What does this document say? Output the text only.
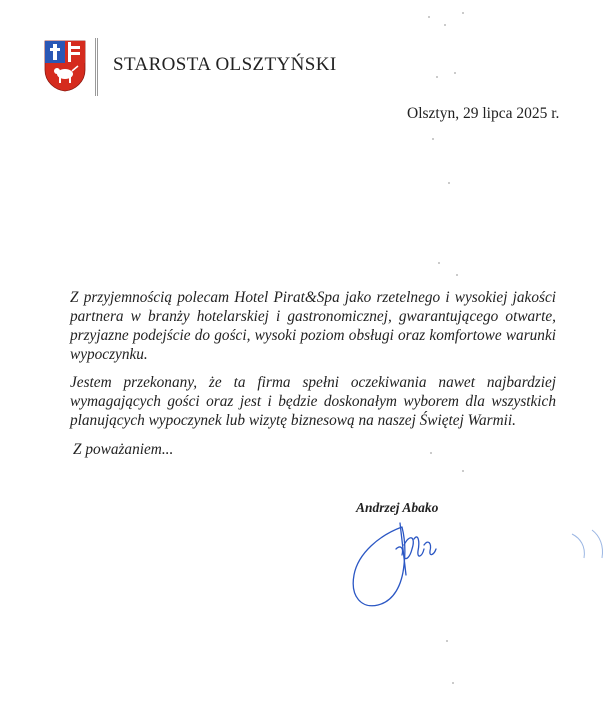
STAROSTA OLSZTYŃSKI
Olsztyn, 29 lipca 2025 r.
Z przyjemnością polecam Hotel Pirat&Spa jako rzetelnego i wysokiej jakości partnera w branży hotelarskiej i gastronomicznej, gwarantującego otwarte, przyjazne podejście do gości, wysoki poziom obsługi oraz komfortowe warunki wypoczynku.
Jestem przekonany, że ta firma spełni oczekiwania nawet najbardziej wymagających gości oraz jest i będzie doskonałym wyborem dla wszystkich planujących wypoczynek lub wizytę biznesową na naszej Świętej Warmii.
Z poważaniem...
Andrzej Abako
